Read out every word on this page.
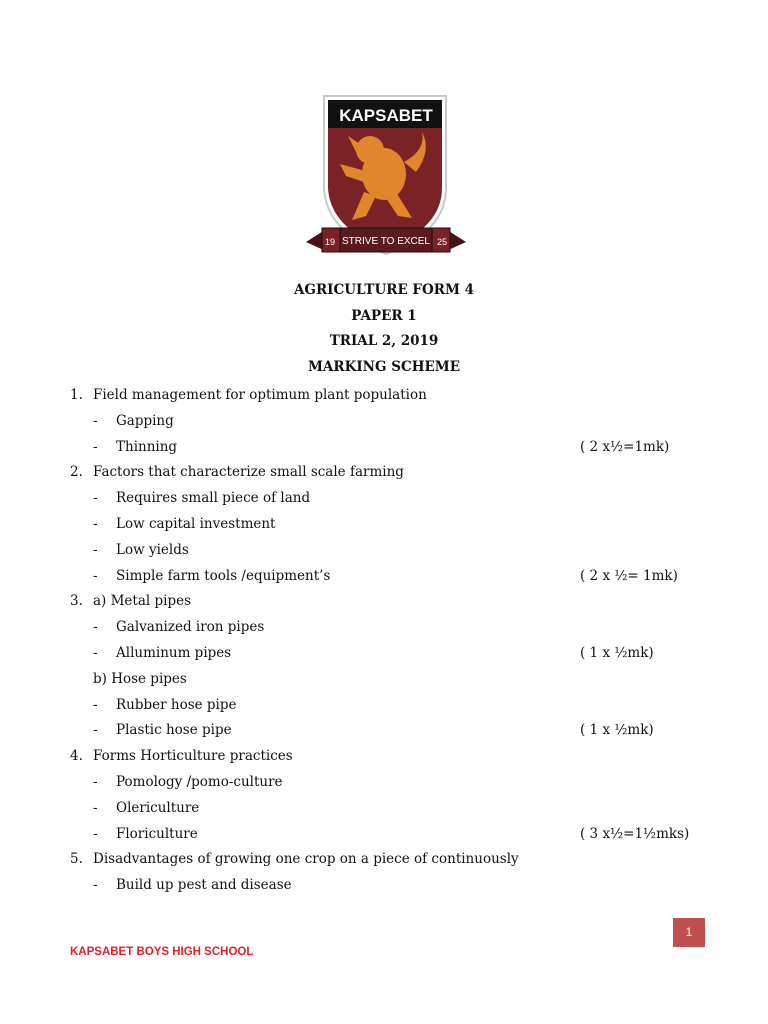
KAPSABET
19 STRIVE TO EXCEL 25
AGRICULTURE FORM 4
PAPER 1
TRIAL 2, 2019
MARKING SCHEME
1. Field management for optimum plant population
- Gapping
- Thinning	( 2 x½=1mk)
2. Factors that characterize small scale farming
- Requires small piece of land
- Low capital investment
- Low yields
- Simple farm tools /equipment’s	( 2 x ½= 1mk)
3. a) Metal pipes
- Galvanized iron pipes
- Alluminum pipes	( 1 x ½mk)
b) Hose pipes
- Rubber hose pipe
- Plastic hose pipe	( 1 x ½mk)
4. Forms Horticulture practices
- Pomology /pomo-culture
- Olericulture
- Floriculture	( 3 x½=1½mks)
5. Disadvantages of growing one crop on a piece of continuously
- Build up pest and disease
1
KAPSABET BOYS HIGH SCHOOL
